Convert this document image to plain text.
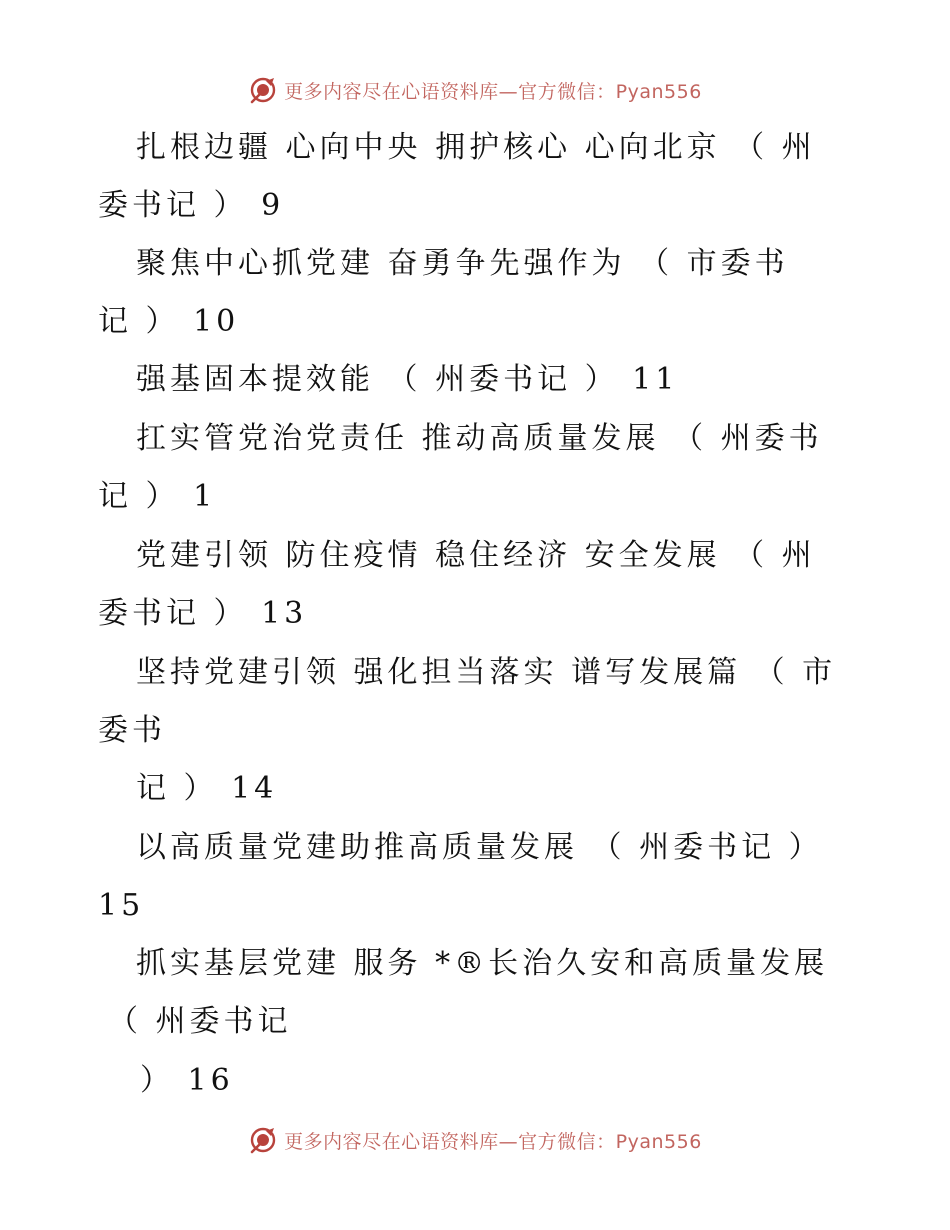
更多内容尽在心语资料库—官方微信：Pyan556
扎根边疆 心向中央 拥护核心 心向北京 （ 州
委书记 ） 9
聚焦中心抓党建 奋勇争先强作为 （ 市委书
记 ） 10
强基固本提效能 （ 州委书记 ） 11
扛实管党治党责任 推动高质量发展 （ 州委书
记 ） 1
党建引领 防住疫情 稳住经济 安全发展 （ 州
委书记 ） 13
坚持党建引领 强化担当落实 谱写发展篇 （ 市
委书
记 ） 14
以高质量党建助推高质量发展 （ 州委书记 ）
15
抓实基层党建 服务 *®长治久安和高质量发展
（ 州委书记
） 16
更多内容尽在心语资料库—官方微信：Pyan556
